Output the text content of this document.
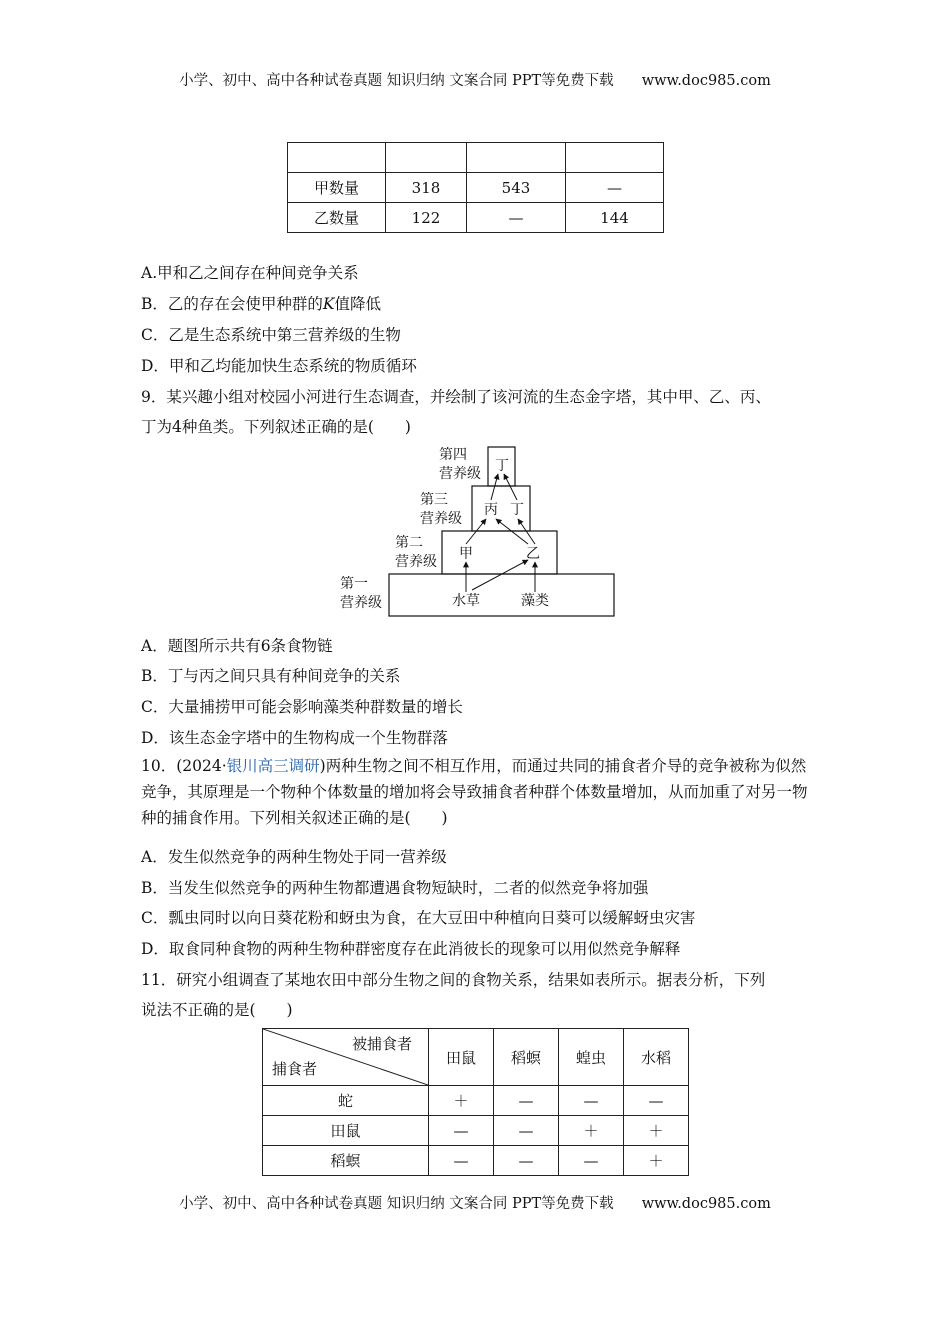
小学、初中、高中各种试卷真题 知识归纳 文案合同 PPT等免费下载 www.doc985.com

甲数量	318	543	—
乙数量	122	—	144
A.甲和乙之间存在种间竞争关系
B．乙的存在会使甲种群的K值降低
C．乙是生态系统中第三营养级的生物
D．甲和乙均能加快生态系统的物质循环
9．某兴趣小组对校园小河进行生态调查，并绘制了该河流的生态金字塔，其中甲、乙、丙、
丁为4种鱼类。下列叙述正确的是(　　)
第四
营养级
第三
营养级
第二
营养级
第一
营养级
丁
丙 丁
甲	乙
水草	藻类
A．题图所示共有6条食物链
B．丁与丙之间只具有种间竞争的关系
C．大量捕捞甲可能会影响藻类种群数量的增长
D．该生态金字塔中的生物构成一个生物群落
10．(2024·银川高三调研)两种生物之间不相互作用，而通过共同的捕食者介导的竞争被称为似然竞争，其原理是一个物种个体数量的增加将会导致捕食者种群个体数量增加，从而加重了对另一物种的捕食作用。下列相关叙述正确的是(　　)
A．发生似然竞争的两种生物处于同一营养级
B．当发生似然竞争的两种生物都遭遇食物短缺时，二者的似然竞争将加强
C．瓢虫同时以向日葵花粉和蚜虫为食，在大豆田中种植向日葵可以缓解蚜虫灾害
D．取食同种食物的两种生物种群密度存在此消彼长的现象可以用似然竞争解释
11．研究小组调查了某地农田中部分生物之间的食物关系，结果如表所示。据表分析，下列
说法不正确的是(　　)
被捕食者
捕食者	田鼠	稻螟	蝗虫	水稻
蛇	＋	—	—	—
田鼠	—	—	＋	＋
稻螟	—	—	—	＋
小学、初中、高中各种试卷真题 知识归纳 文案合同 PPT等免费下载 www.doc985.com
